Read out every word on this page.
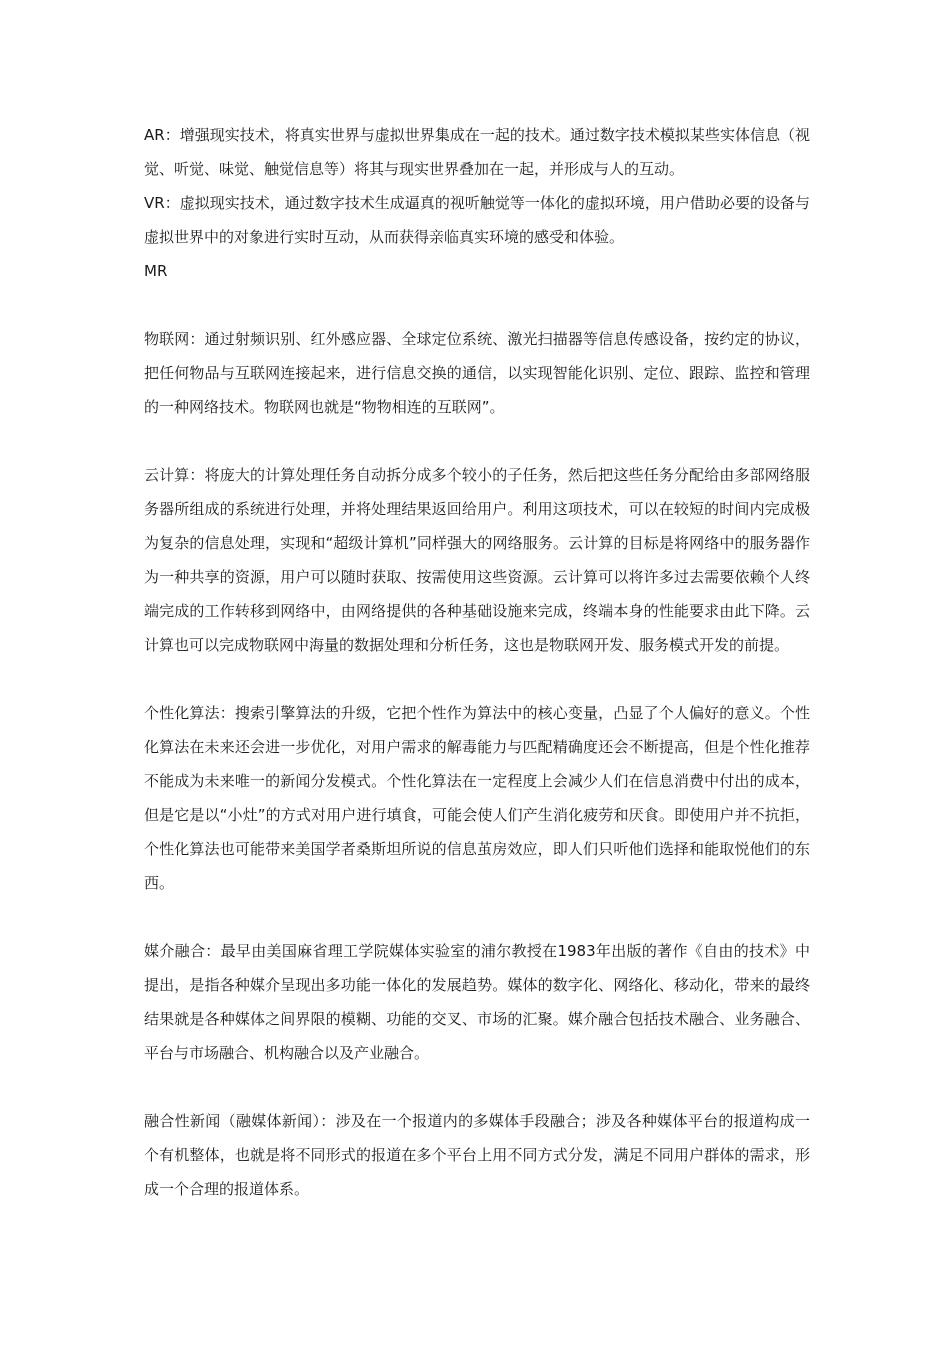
AR：增强现实技术，将真实世界与虚拟世界集成在一起的技术。通过数字技术模拟某些实体信息（视觉、听觉、味觉、触觉信息等）将其与现实世界叠加在一起，并形成与人的互动。

VR：虚拟现实技术，通过数字技术生成逼真的视听触觉等一体化的虚拟环境，用户借助必要的设备与虚拟世界中的对象进行实时互动，从而获得亲临真实环境的感受和体验。

MR

物联网：通过射频识别、红外感应器、全球定位系统、激光扫描器等信息传感设备，按约定的协议，把任何物品与互联网连接起来，进行信息交换的通信，以实现智能化识别、定位、跟踪、监控和管理的一种网络技术。物联网也就是“物物相连的互联网”。

云计算：将庞大的计算处理任务自动拆分成多个较小的子任务，然后把这些任务分配给由多部网络服务器所组成的系统进行处理，并将处理结果返回给用户。利用这项技术，可以在较短的时间内完成极为复杂的信息处理，实现和“超级计算机”同样强大的网络服务。云计算的目标是将网络中的服务器作为一种共享的资源，用户可以随时获取、按需使用这些资源。云计算可以将许多过去需要依赖个人终端完成的工作转移到网络中，由网络提供的各种基础设施来完成，终端本身的性能要求由此下降。云计算也可以完成物联网中海量的数据处理和分析任务，这也是物联网开发、服务模式开发的前提。

个性化算法：搜索引擎算法的升级，它把个性作为算法中的核心变量，凸显了个人偏好的意义。个性化算法在未来还会进一步优化，对用户需求的解毒能力与匹配精确度还会不断提高，但是个性化推荐不能成为未来唯一的新闻分发模式。个性化算法在一定程度上会减少人们在信息消费中付出的成本，但是它是以“小灶”的方式对用户进行填食，可能会使人们产生消化疲劳和厌食。即使用户并不抗拒，个性化算法也可能带来美国学者桑斯坦所说的信息茧房效应，即人们只听他们选择和能取悦他们的东西。

媒介融合：最早由美国麻省理工学院媒体实验室的浦尔教授在1983年出版的著作《自由的技术》中提出，是指各种媒介呈现出多功能一体化的发展趋势。媒体的数字化、网络化、移动化，带来的最终结果就是各种媒体之间界限的模糊、功能的交叉、市场的汇聚。媒介融合包括技术融合、业务融合、平台与市场融合、机构融合以及产业融合。

融合性新闻（融媒体新闻）：涉及在一个报道内的多媒体手段融合；涉及各种媒体平台的报道构成一个有机整体，也就是将不同形式的报道在多个平台上用不同方式分发，满足不同用户群体的需求，形成一个合理的报道体系。
